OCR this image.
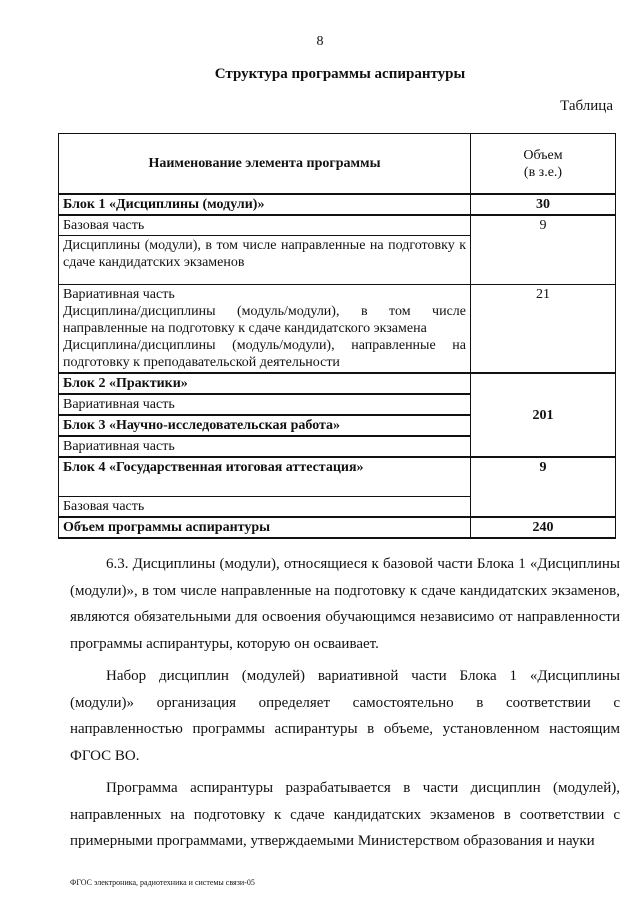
8
Структура программы аспирантуры
Таблица
Наименование элемента программы	Объем
(в з.е.)

Блок 1 «Дисциплины (модули)»	30
Базовая часть	9
Дисциплины (модули), в том числе направленные на подготовку к сдаче кандидатских экзаменов	

Вариативная часть
Дисциплина/дисциплины (модуль/модули), в том числе направленные на подготовку к сдаче кандидатского экзамена
Дисциплина/дисциплины (модуль/модули), направленные на подготовку к преподавательской деятельности	21
Блок 2 «Практики»	201
Вариативная часть	
Блок 3 «Научно-исследовательская работа»	
Вариативная часть	
Блок 4 «Государственная итоговая аттестация»	9
Базовая часть	
Объем программы аспирантуры	240

6.3. Дисциплины (модули), относящиеся к базовой части Блока 1 «Дисциплины (модули)», в том числе направленные на подготовку к сдаче кандидатских экзаменов, являются обязательными для освоения обучающимся независимо от направленности программы аспирантуры, которую он осваивает.

Набор дисциплин (модулей) вариативной части Блока 1 «Дисциплины (модули)» организация определяет самостоятельно в соответствии с направленностью программы аспирантуры в объеме, установленном настоящим ФГОС ВО.

Программа аспирантуры разрабатывается в части дисциплин (модулей), направленных на подготовку к сдаче кандидатских экзаменов в соответствии с примерными программами, утверждаемыми Министерством образования и науки

ФГОС электроника, радиотехника и системы связи-05
